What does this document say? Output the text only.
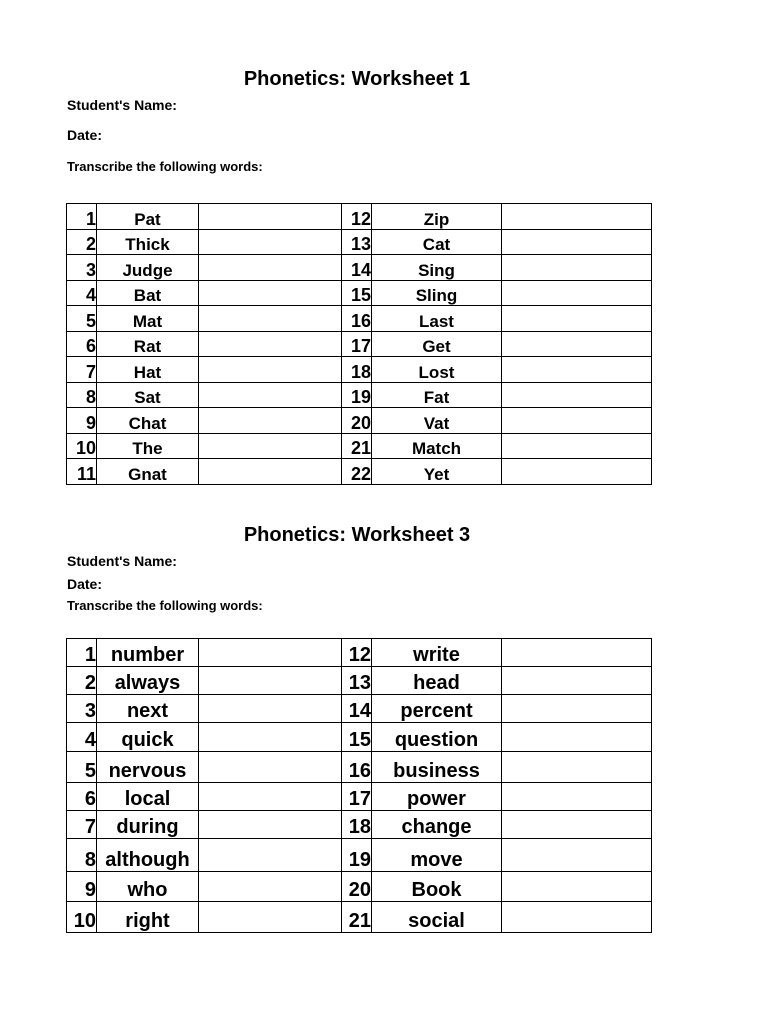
Phonetics: Worksheet 1
Student's Name:
Date:
Transcribe the following words:
1	Pat		12	Zip	
2	Thick		13	Cat	
3	Judge		14	Sing	
4	Bat		15	Sling	
5	Mat		16	Last	
6	Rat		17	Get	
7	Hat		18	Lost	
8	Sat		19	Fat	
9	Chat		20	Vat	
10	The		21	Match	
11	Gnat		22	Yet	
Phonetics: Worksheet 3
Student's Name:
Date:
Transcribe the following words:
1	number		12	write	
2	always		13	head	
3	next		14	percent	
4	quick		15	question	
5	nervous		16	business	
6	local		17	power	
7	during		18	change	
8	although		19	move	
9	who		20	Book	
10	right		21	social	
